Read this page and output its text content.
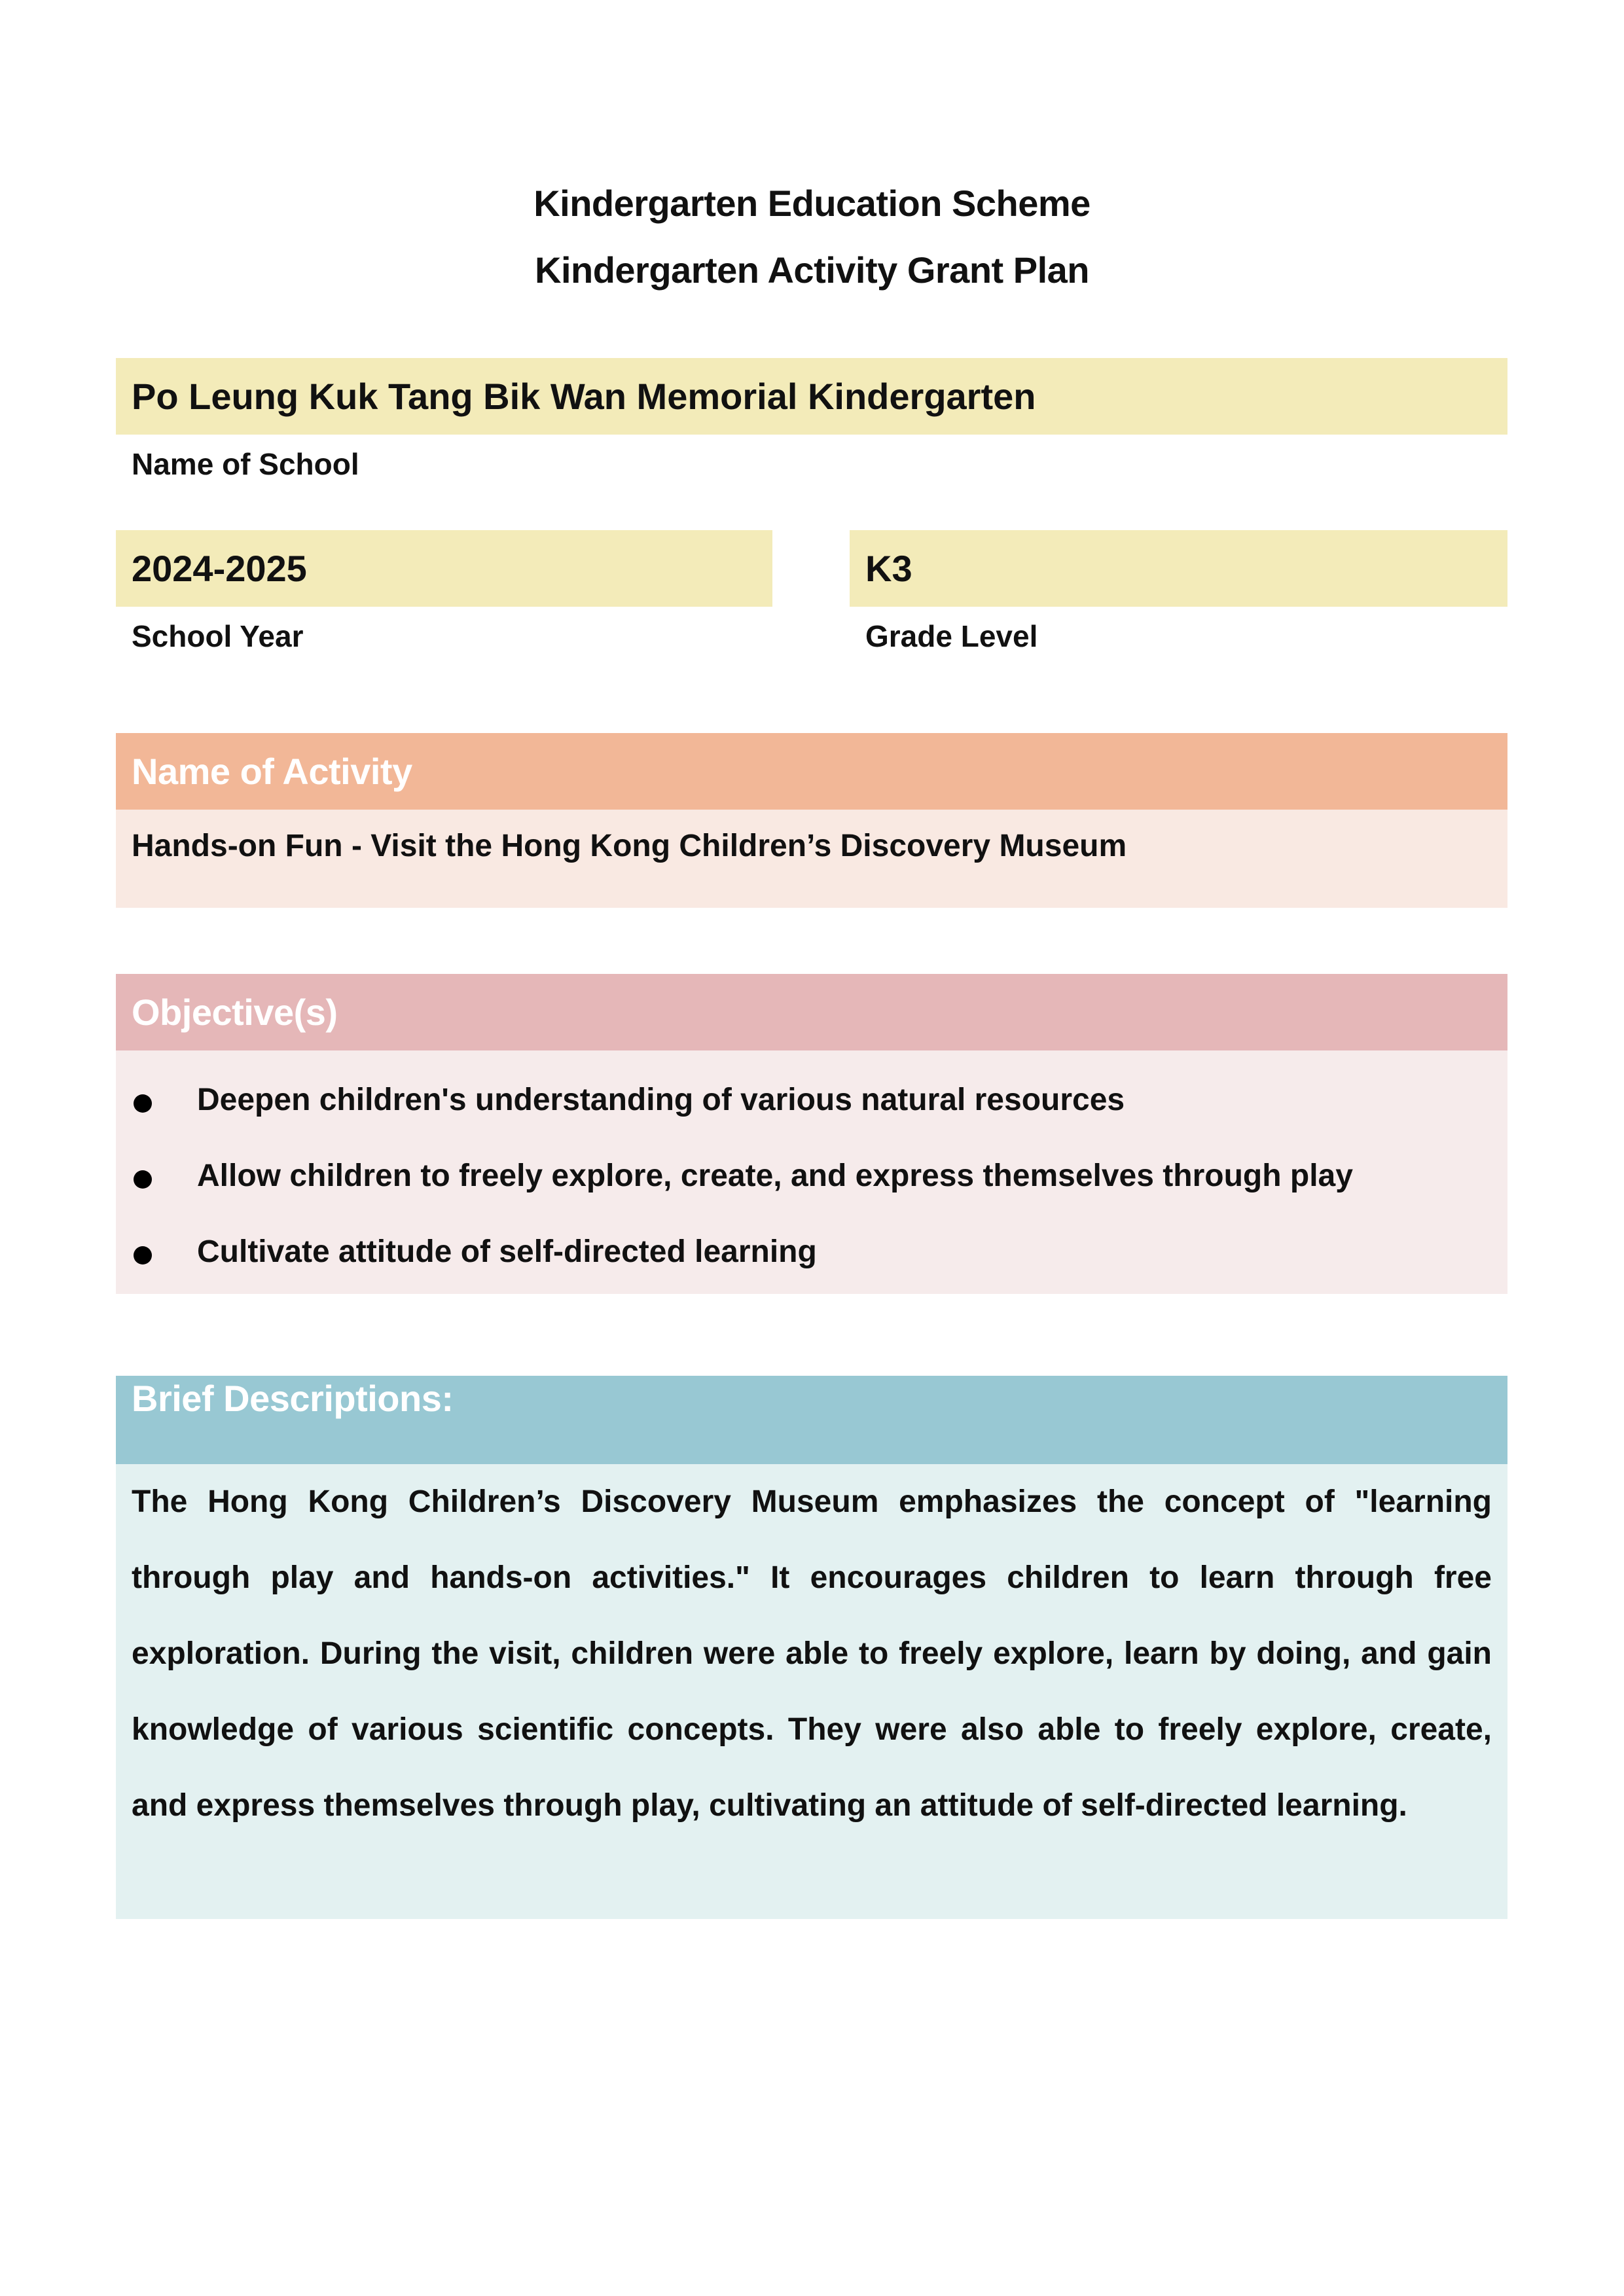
Kindergarten Education Scheme
Kindergarten Activity Grant Plan
Po Leung Kuk Tang Bik Wan Memorial Kindergarten
Name of School
2024-2025
School Year
K3
Grade Level
Name of Activity
Hands-on Fun - Visit the Hong Kong Children’s Discovery Museum
Objective(s)
Deepen children's understanding of various natural resources
Allow children to freely explore, create, and express themselves through play
Cultivate attitude of self-directed learning
Brief Descriptions:
The Hong Kong Children’s Discovery Museum emphasizes the concept of "learning through play and hands-on activities." It encourages children to learn through free exploration. During the visit, children were able to freely explore, learn by doing, and gain knowledge of various scientific concepts. They were also able to freely explore, create, and express themselves through play, cultivating an attitude of self-directed learning.
